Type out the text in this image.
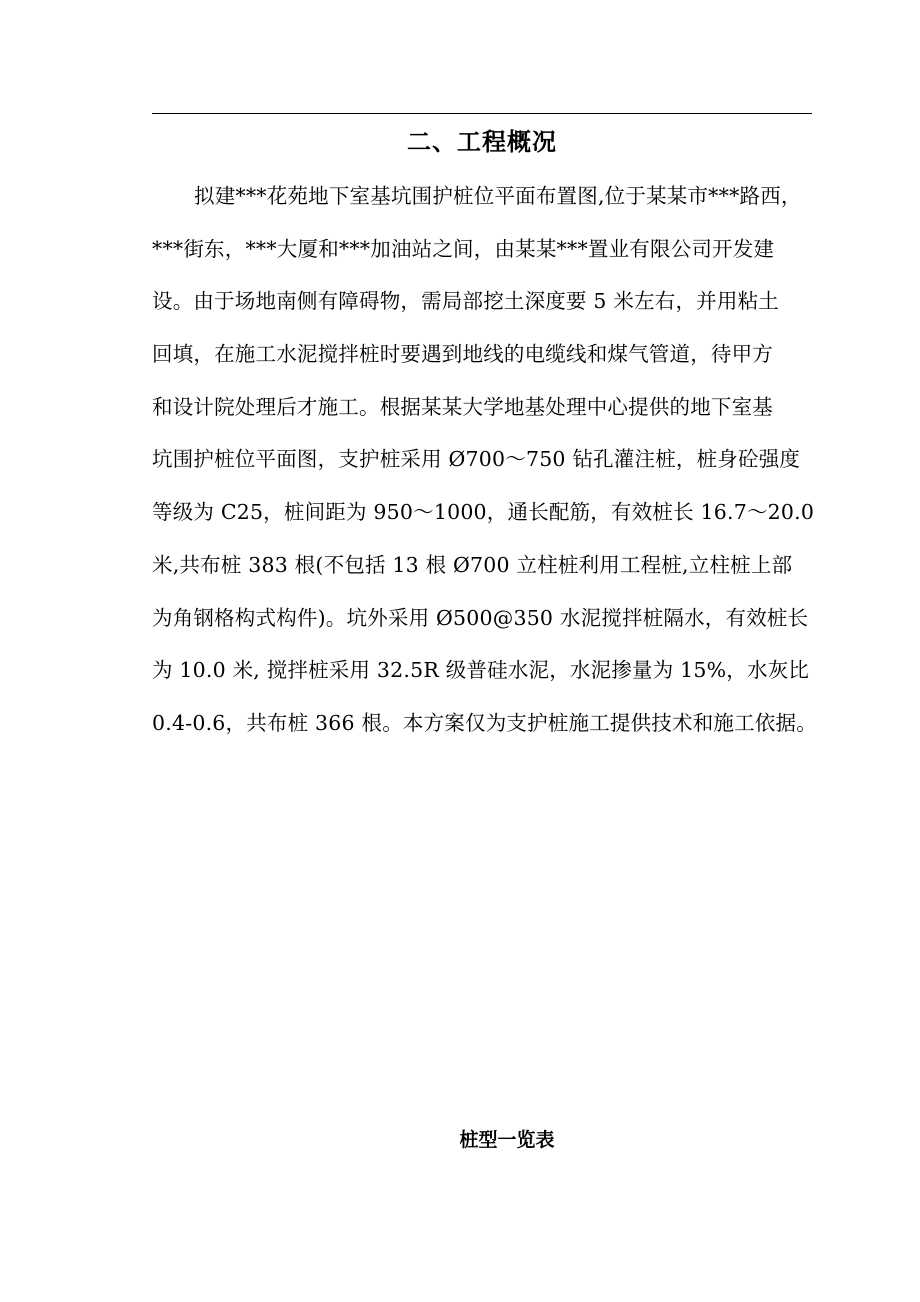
二、工程概况
拟建***花苑地下室基坑围护桩位平面布置图,位于某某市***路西，
***街东，***大厦和***加油站之间，由某某***置业有限公司开发建
设。由于场地南侧有障碍物，需局部挖土深度要 5 米左右，并用粘土
回填，在施工水泥搅拌桩时要遇到地线的电缆线和煤气管道，待甲方
和设计院处理后才施工。根据某某大学地基处理中心提供的地下室基
坑围护桩位平面图，支护桩采用 Ø700～750 钻孔灌注桩，桩身砼强度
等级为 C25，桩间距为 950～1000，通长配筋，有效桩长 16.7～20.0
米,共布桩 383 根(不包括 13 根 Ø700 立柱桩利用工程桩,立柱桩上部
为角钢格构式构件)。坑外采用 Ø500@350 水泥搅拌桩隔水，有效桩长
为 10.0 米, 搅拌桩采用 32.5R 级普硅水泥，水泥掺量为 15%，水灰比
0.4-0.6，共布桩 366 根。本方案仅为支护桩施工提供技术和施工依据。
桩型一览表
